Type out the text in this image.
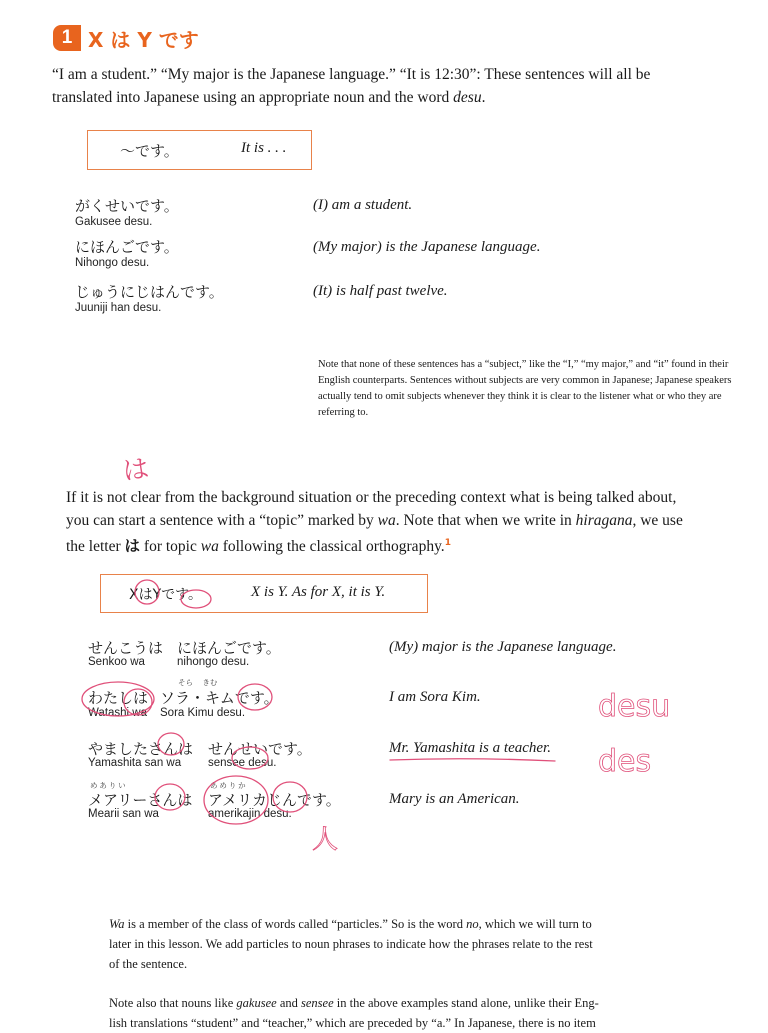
1 X は Y です
“I am a student.” “My major is the Japanese language.” “It is 12:30”: These sentences will all be
translated into Japanese using an appropriate noun and the word desu.
〜です。	It is . . .
がくせいです。
Gakusee desu.
(I) am a student.
にほんごです。
Nihongo desu.
(My major) is the Japanese language.
じゅうにじはんです。
Juuniji han desu.
(It) is half past twelve.
Note that none of these sentences has a “subject,” like the “I,” “my major,” and “it” found in their
English counterparts. Sentences without subjects are very common in Japanese; Japanese speakers
actually tend to omit subjects whenever they think it is clear to the listener what or who they are
referring to.
If it is not clear from the background situation or the preceding context what is being talked about,
you can start a sentence with a “topic” marked by wa. Note that when we write in hiragana, we use
the letter は for topic wa following the classical orthography.$^1$
XはYです。	X is Y. As for X, it is Y.
せんこうは にほんごです。
Senkoo wa	nihongo desu.
(My) major is the Japanese language.
そら　 きむ
わたしは ソラ・キムです。
Watashi wa Sora Kimu desu.
I am Sora Kim.
やましたさんは せんせいです。
Yamashita san wa sensee desu.
Mr. Yamashita is a teacher.
め あ り い	あ め り か
メアリーさんは アメリカじんです。
Mearii san wa	amerikajin desu.
Mary is an American.
Wa is a member of the class of words called “particles.” So is the word no, which we will turn to
later in this lesson. We add particles to noun phrases to indicate how the phrases relate to the rest
of the sentence.
Note also that nouns like gakusee and sensee in the above examples stand alone, unlike their Eng-
lish translations “student” and “teacher,” which are preceded by “a.” In Japanese, there is no item
は
desu
des
人
